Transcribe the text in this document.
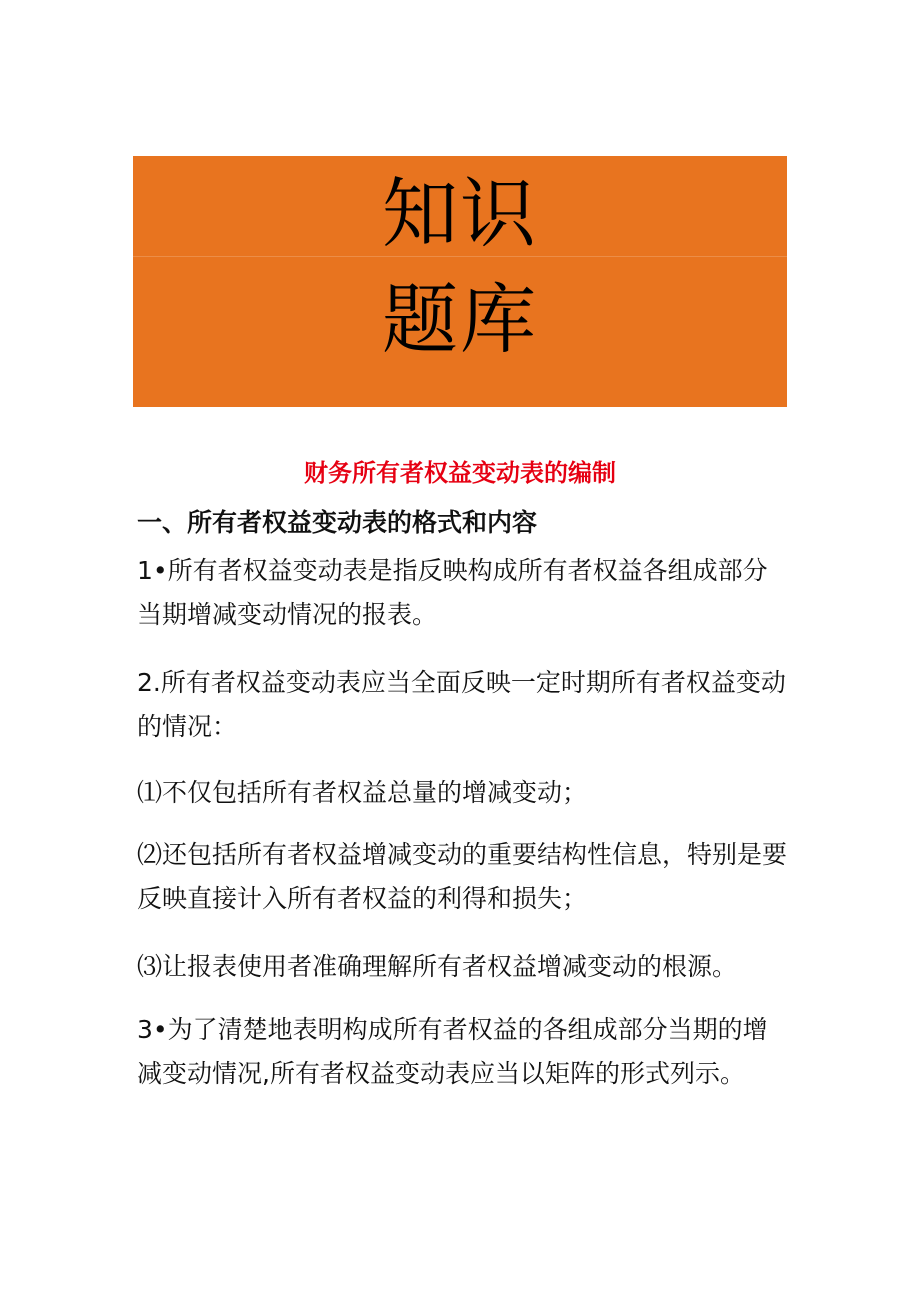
知识
题库
财务所有者权益变动表的编制
一、所有者权益变动表的格式和内容

1•所有者权益变动表是指反映构成所有者权益各组成部分当期增减变动情况的报表。

2.所有者权益变动表应当全面反映一定时期所有者权益变动的情况：

⑴不仅包括所有者权益总量的增减变动；

⑵还包括所有者权益增减变动的重要结构性信息，特别是要反映直接计入所有者权益的利得和损失；

⑶让报表使用者准确理解所有者权益增减变动的根源。

3•为了清楚地表明构成所有者权益的各组成部分当期的增减变动情况,所有者权益变动表应当以矩阵的形式列示。
